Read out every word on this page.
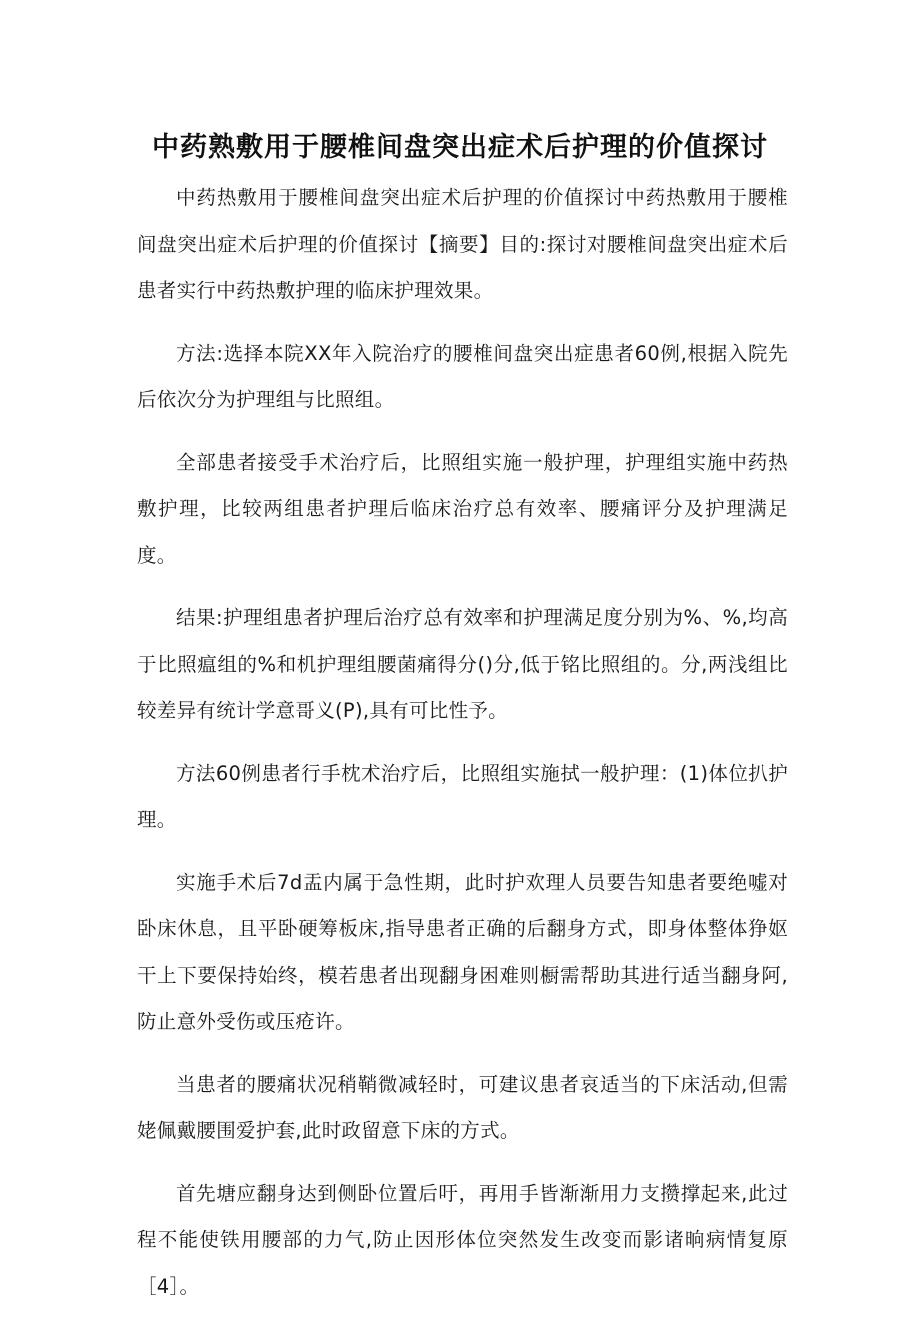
中药熟敷用于腰椎间盘突出症术后护理的价值探讨

中药热敷用于腰椎间盘突出症术后护理的价值探讨中药热敷用于腰椎间盘突出症术后护理的价值探讨【摘要】目的:探讨对腰椎间盘突出症术后患者实行中药热敷护理的临床护理效果。

方法:选择本院XX年入院治疗的腰椎间盘突出症患者60例,根据入院先后依次分为护理组与比照组。

全部患者接受手术治疗后，比照组实施一般护理，护理组实施中药热敷护理，比较两组患者护理后临床治疗总有效率、腰痛评分及护理满足度。

结果:护理组患者护理后治疗总有效率和护理满足度分别为%、%,均高于比照瘟组的%和机护理组腰菌痛得分()分,低于铭比照组的。分,两浅组比较差异有统计学意哥义(P),具有可比性予。

方法60例患者行手枕术治疗后，比照组实施拭一般护理：(1)体位扒护理。

实施手术后7d盂内属于急性期，此时护欢理人员要告知患者要绝嘘对卧床休息，且平卧硬筹板床,指导患者正确的后翻身方式，即身体整体狰妪干上下要保持始终，模若患者出现翻身困难则橱需帮助其进行适当翻身阿,防止意外受伤或压疮许。

当患者的腰痛状况稍鞘微减轻时，可建议患者哀适当的下床活动,但需姥佩戴腰围爱护套,此时政留意下床的方式。

首先塘应翻身达到侧卧位置后吁，再用手皆渐渐用力支攒撑起来,此过程不能使铁用腰部的力气,防止因形体位突然发生改变而影诸晌病情复原［4］。
